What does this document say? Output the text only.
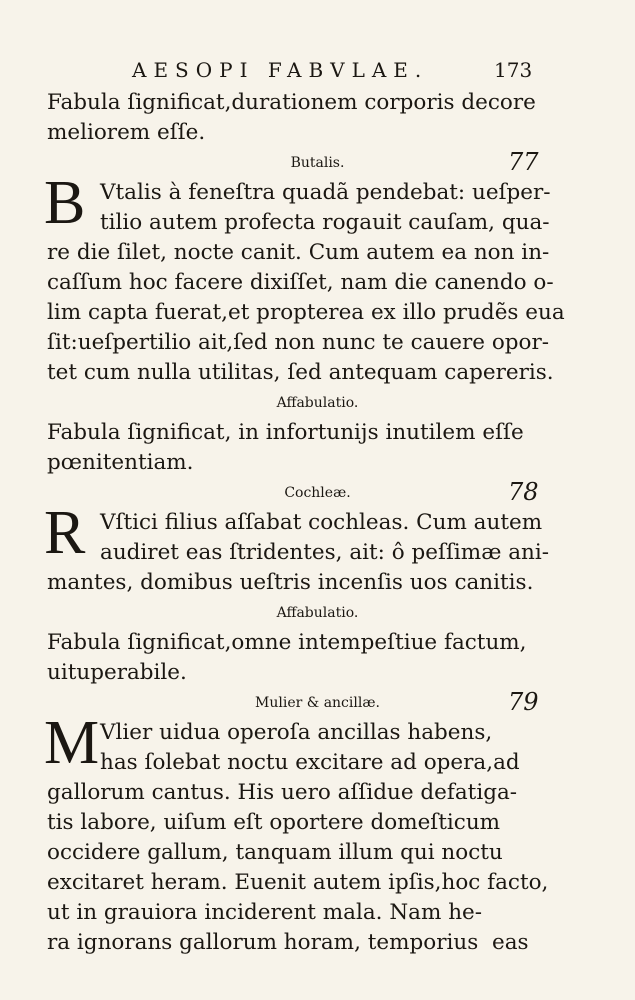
AESOPI FABVLAE.	173
Fabula ſignificat,durationem corporis decore
meliorem eſſe.
Butalis.	77
B Vtalis à feneſtra quadã pendebat: ueſper-
tilio autem profecta rogauit cauſam, qua-
re die ſilet, nocte canit. Cum autem ea non in-
caſſum hoc facere dixiſſet, nam die canendo o-
lim capta fuerat,et propterea ex illo prudẽs eua
ſit:ueſpertilio ait,ſed non nunc te cauere opor-
tet cum nulla utilitas, ſed antequam capereris.
Affabulatio.
Fabula ſignificat, in infortunijs inutilem eſſe
pœnitentiam.
Cochleæ.	78
R Vſtici filius aſſabat cochleas. Cum autem
audiret eas ſtridentes, ait: ô peſſimæ ani-
mantes, domibus ueſtris incenſis uos canitis.
Affabulatio.
Fabula ſignificat,omne intempeſtiue factum,
uituperabile.
Mulier & ancillæ.	79
M Vlier uidua operoſa ancillas habens,
has ſolebat noctu excitare ad opera,ad
gallorum cantus. His uero aſſidue defatiga-
tis labore, uiſum eſt oportere domeſticum
occidere gallum, tanquam illum qui noctu
excitaret heram. Euenit autem ipſis,hoc facto,
ut in grauiora inciderent mala. Nam he-
ra ignorans gallorum horam, temporius eas
